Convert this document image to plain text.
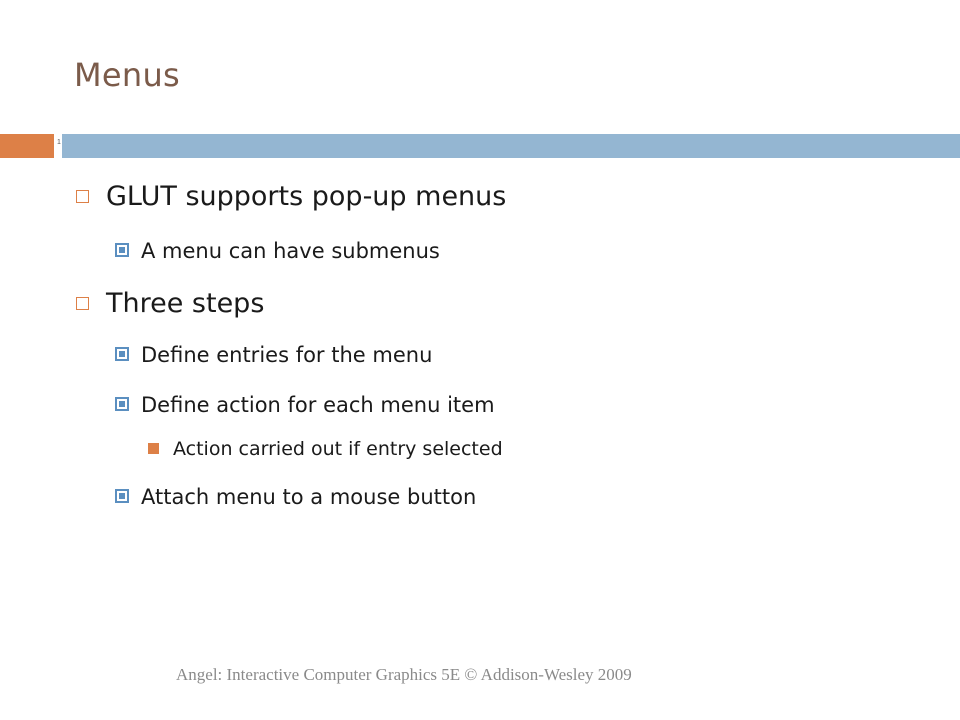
Menus
1
GLUT supports pop-up menus
A menu can have submenus
Three steps
Define entries for the menu
Define action for each menu item
Action carried out if entry selected
Attach menu to a mouse button
Angel: Interactive Computer Graphics 5E © Addison-Wesley 2009
